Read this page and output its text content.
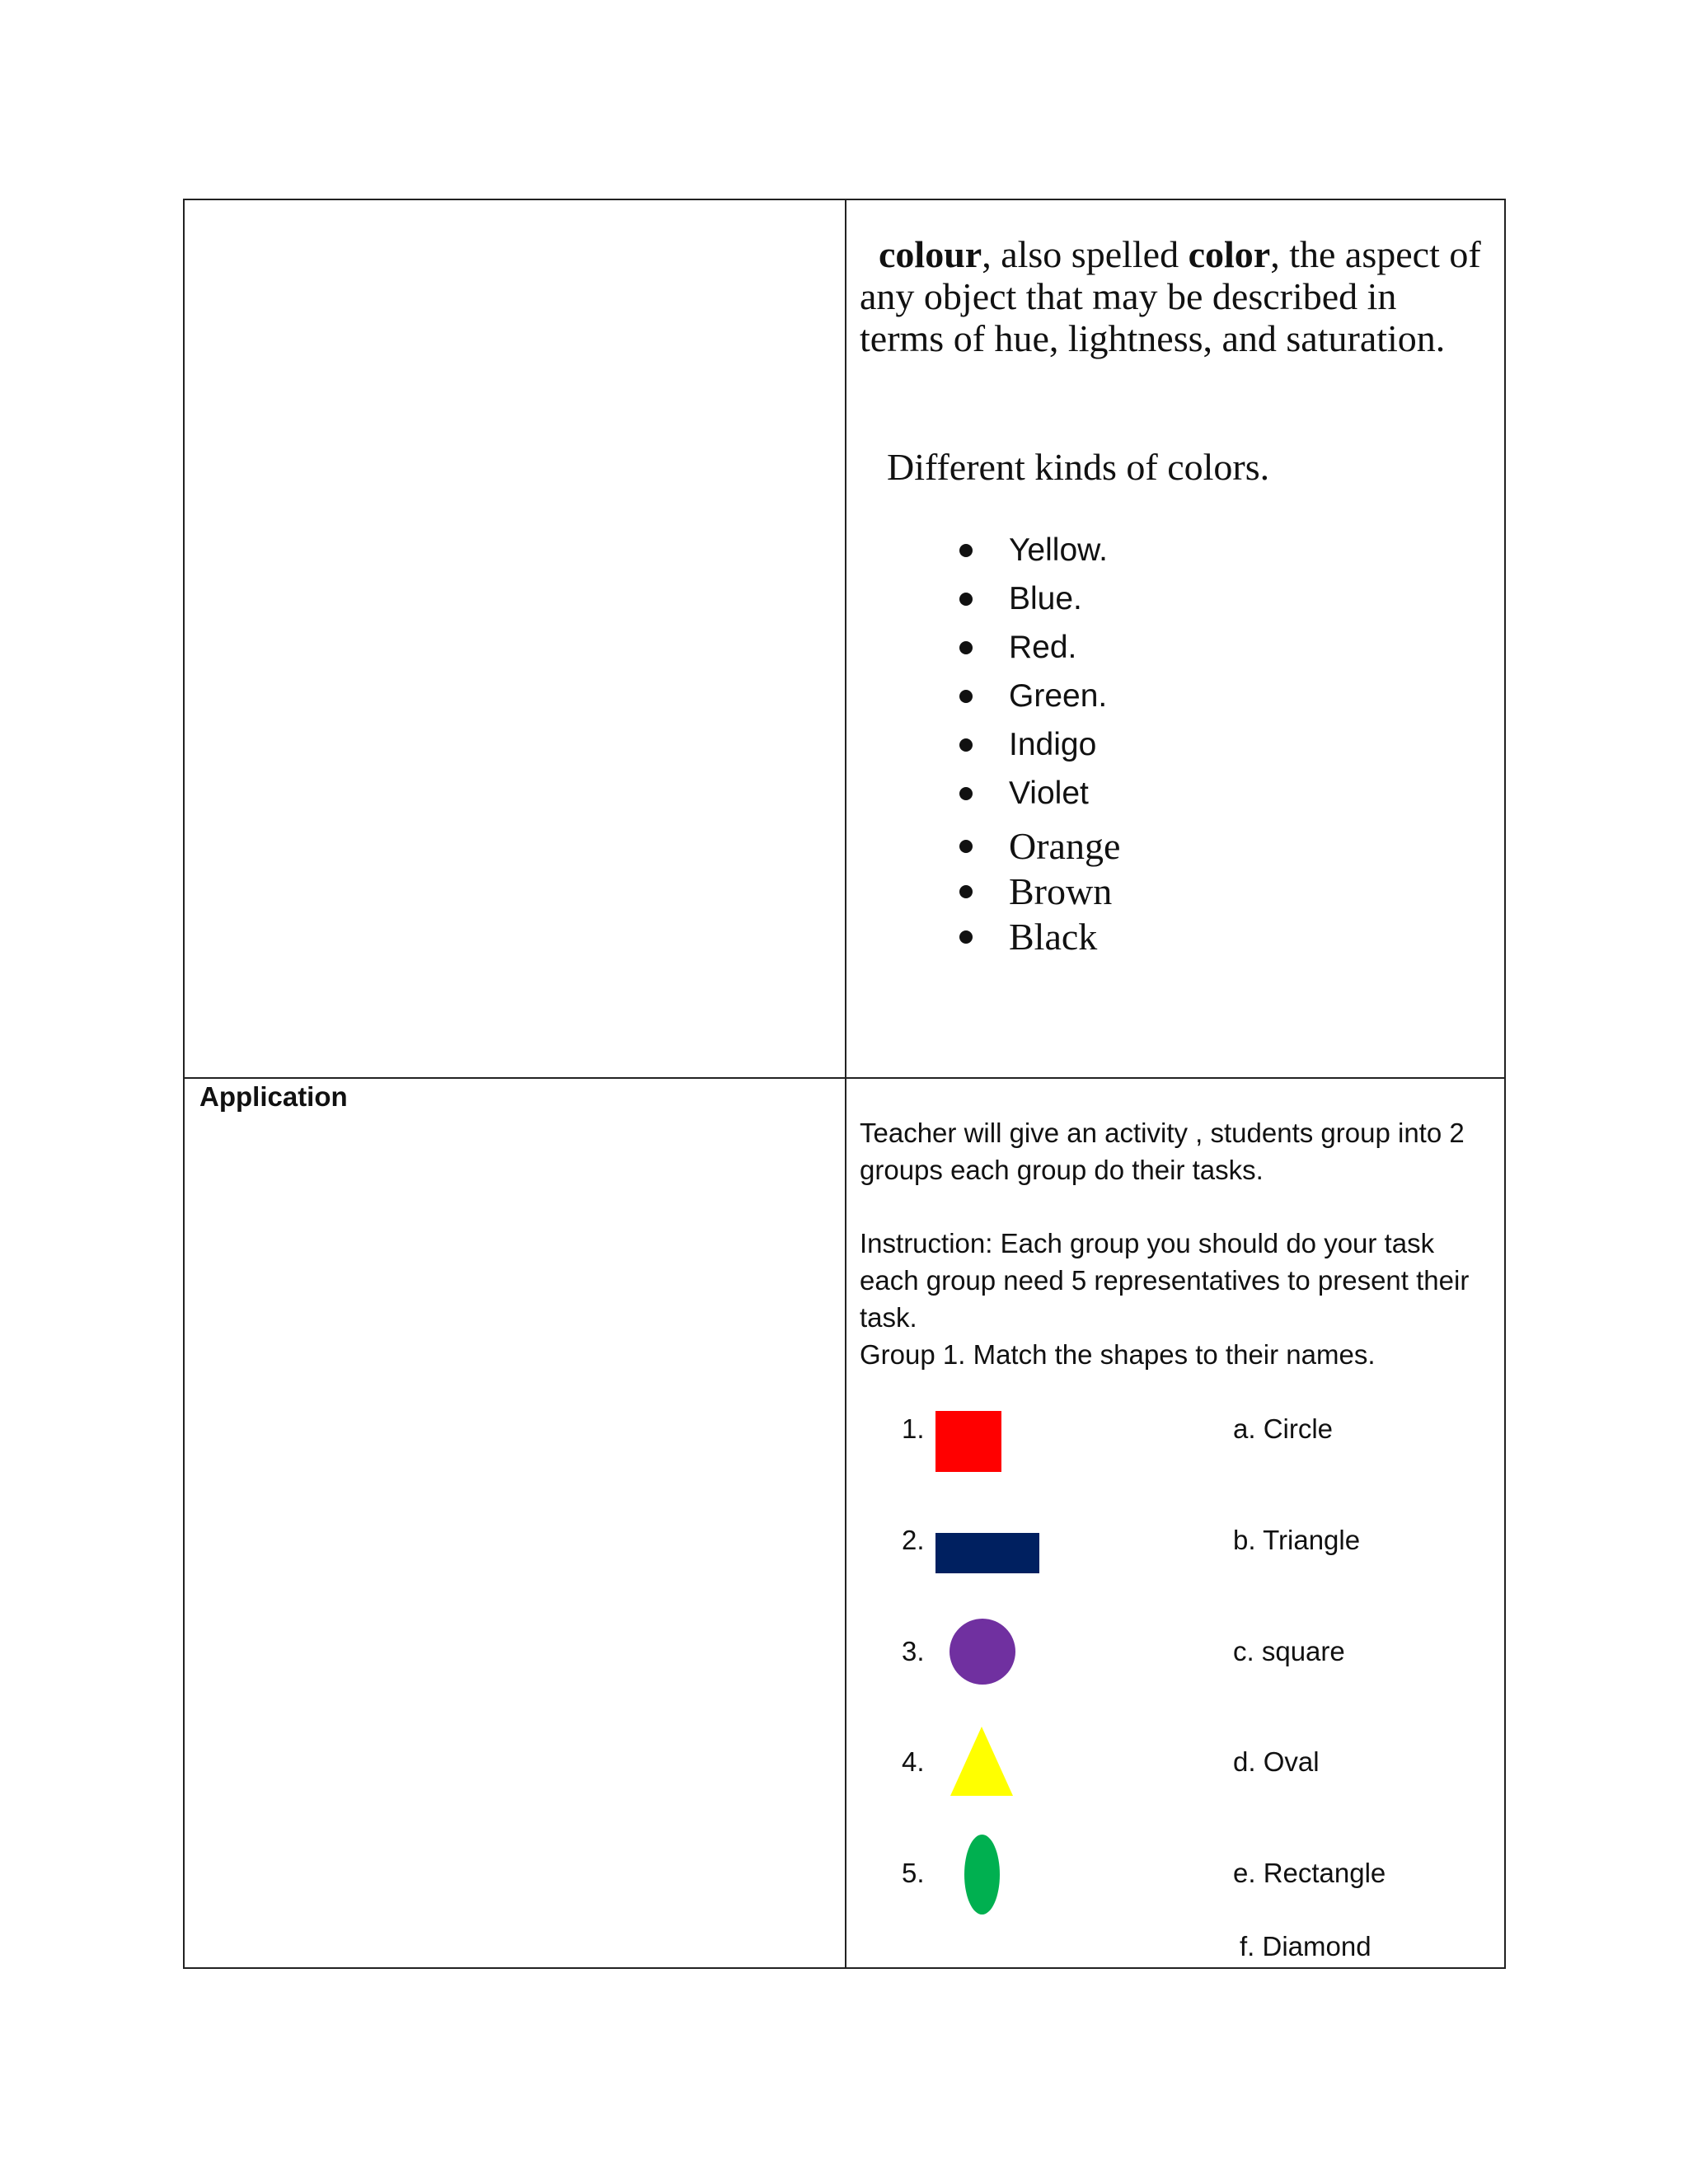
colour, also spelled color, the aspect of any object that may be described in terms of hue, lightness, and saturation.

Different kinds of colors.
Yellow.
Blue.
Red.
Green.
Indigo
Violet
Orange
Brown
Black

Application

Teacher will give an activity , students group into 2 groups each group do their tasks.

Instruction: Each group you should do your task each group need 5 representatives to present their task.

Group 1. Match the shapes to their names.

1.
2.
3.
4.
5.
a. Circle
b. Triangle
c. square
d. Oval
e. Rectangle
f. Diamond
